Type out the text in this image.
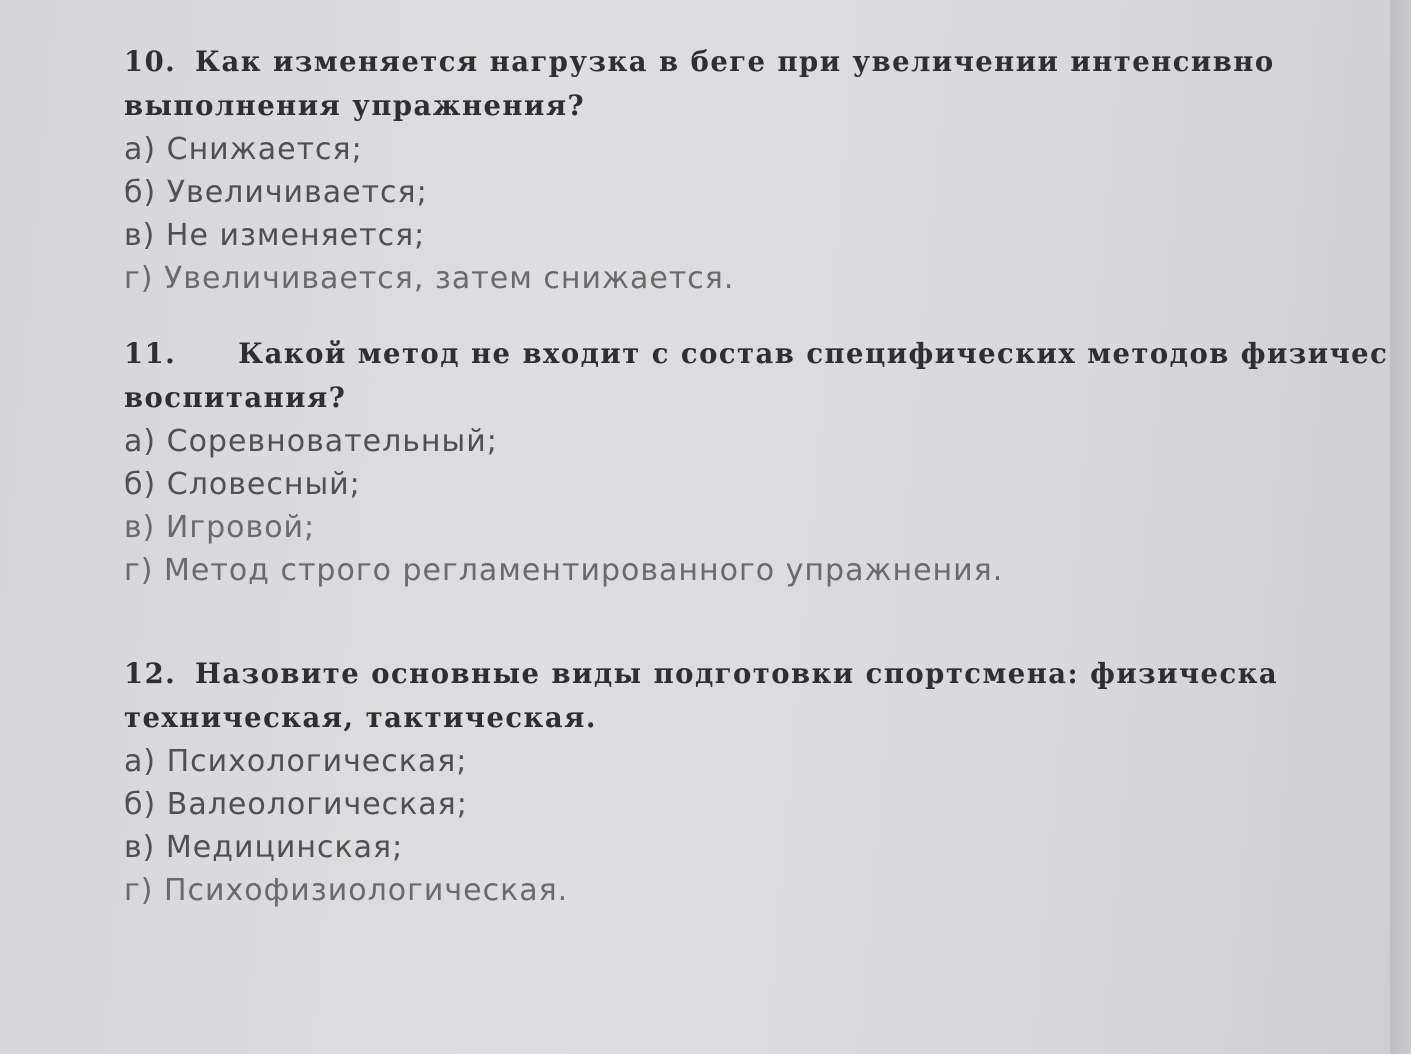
10. Как изменяется нагрузка в беге при увеличении интенсивно
выполнения упражнения?
а) Снижается;
б) Увеличивается;
в) Не изменяется;
г) Увеличивается, затем снижается.
11. Какой метод не входит с состав специфических методов физичес
воспитания?
а) Соревновательный;
б) Словесный;
в) Игровой;
г) Метод строго регламентированного упражнения.
12. Назовите основные виды подготовки спортсмена: физическа
техническая, тактическая.
а) Психологическая;
б) Валеологическая;
в) Медицинская;
г) Психофизиологическая.
